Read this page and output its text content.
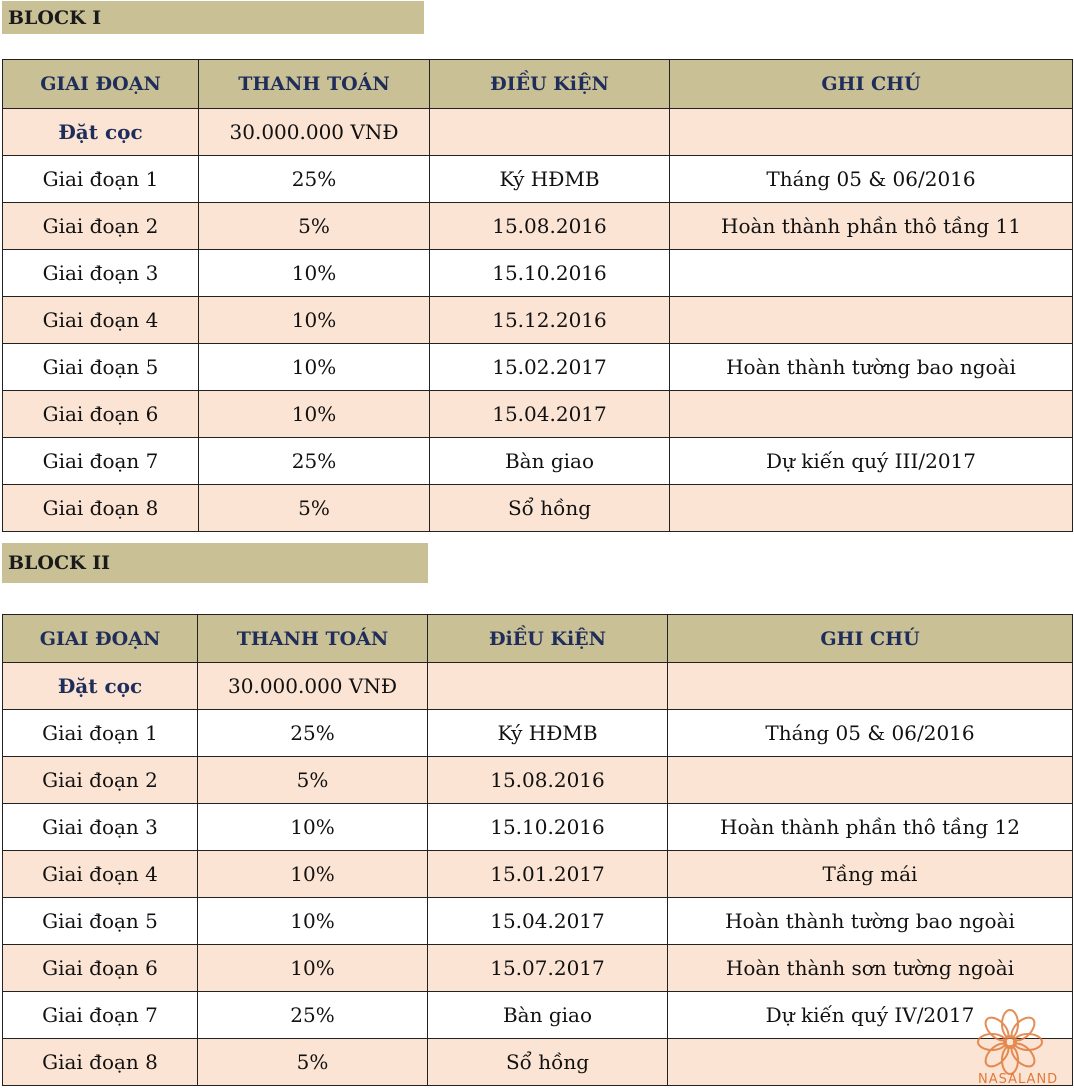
BLOCK I
GIAI ĐOẠN	THANH TOÁN	ĐIỀU KiỆN	GHI CHÚ
Đặt cọc	30.000.000 VNĐ		
Giai đoạn 1	25%	Ký HĐMB	Tháng 05 & 06/2016
Giai đoạn 2	5%	15.08.2016	Hoàn thành phần thô tầng 11
Giai đoạn 3	10%	15.10.2016	
Giai đoạn 4	10%	15.12.2016	
Giai đoạn 5	10%	15.02.2017	Hoàn thành tường bao ngoài
Giai đoạn 6	10%	15.04.2017	
Giai đoạn 7	25%	Bàn giao	Dự kiến quý III/2017
Giai đoạn 8	5%	Sổ hồng	
BLOCK II
GIAI ĐOẠN	THANH TOÁN	ĐiỀU KiỆN	GHI CHÚ
Đặt cọc	30.000.000 VNĐ		
Giai đoạn 1	25%	Ký HĐMB	Tháng 05 & 06/2016
Giai đoạn 2	5%	15.08.2016	
Giai đoạn 3	10%	15.10.2016	Hoàn thành phần thô tầng 12
Giai đoạn 4	10%	15.01.2017	Tầng mái
Giai đoạn 5	10%	15.04.2017	Hoàn thành tường bao ngoài
Giai đoạn 6	10%	15.07.2017	Hoàn thành sơn tường ngoài
Giai đoạn 7	25%	Bàn giao	Dự kiến quý IV/2017
Giai đoạn 8	5%	Sổ hồng	
NASALAND
